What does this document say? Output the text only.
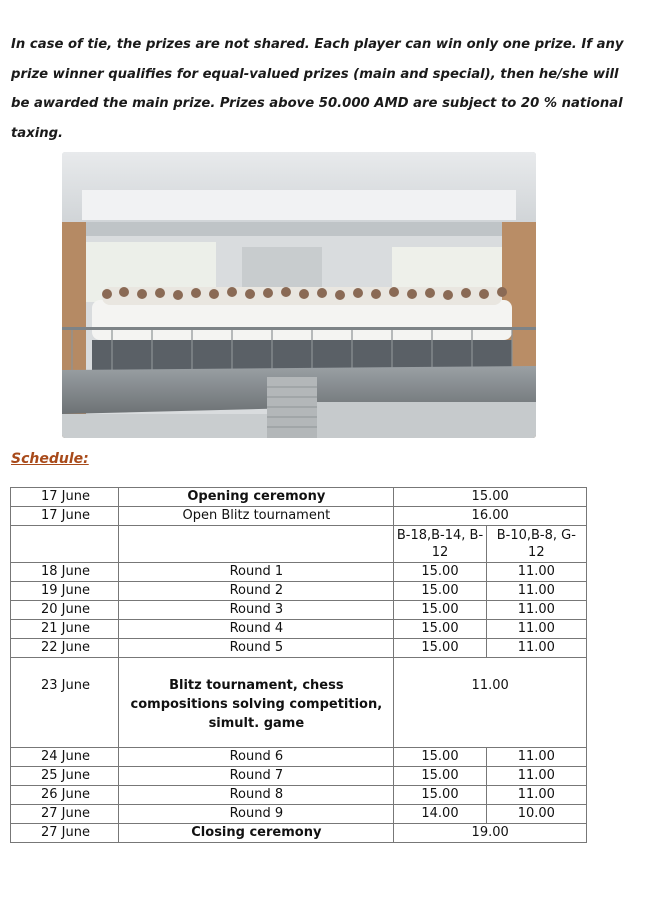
In case of tie, the prizes are not shared. Each player can win only one prize. If any prize winner qualifies for equal-valued prizes (main and special), then he/she will be awarded the main prize. Prizes above 50.000 AMD are subject to 20 % national taxing.
Schedule:
17 June	Opening ceremony	15.00	
17 June	Open Blitz tournament	16.00	
		B-18,B-14, B-12	B-10,B-8, G-12
18 June	Round 1	15.00	11.00
19 June	Round 2	15.00	11.00
20 June	Round 3	15.00	11.00
21 June	Round 4	15.00	11.00
22 June	Round 5	15.00	11.00
23 June	Blitz tournament, chess compositions solving competition, simult. game	11.00	
24 June	Round 6	15.00	11.00
25 June	Round 7	15.00	11.00
26 June	Round 8	15.00	11.00
27 June	Round 9	14.00	10.00
27 June	Closing ceremony	19.00	
